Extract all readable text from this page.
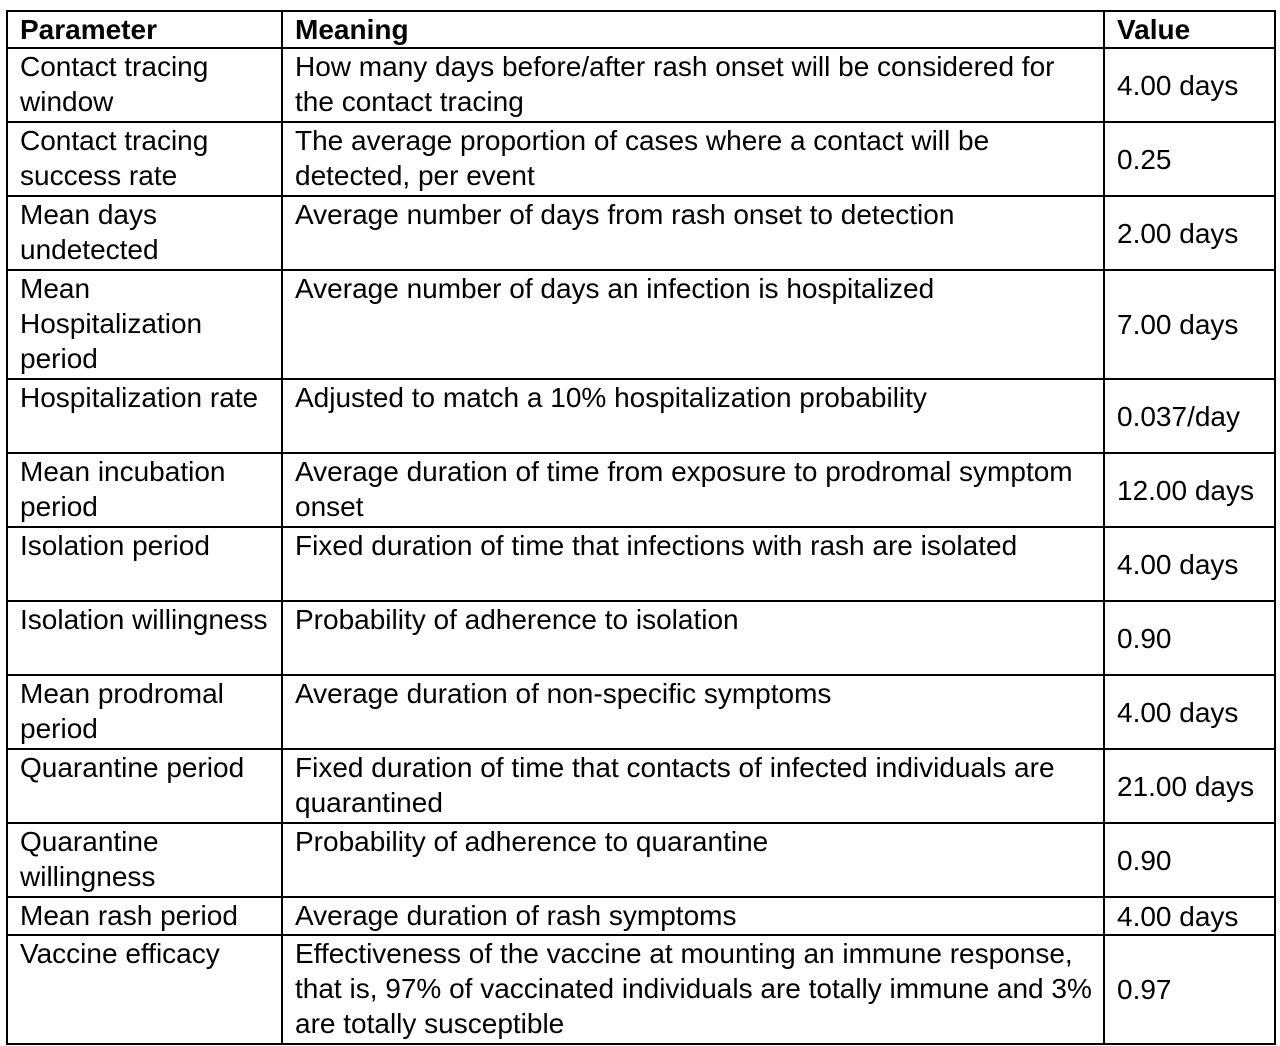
Parameter	Meaning	Value
Contact tracing window	How many days before/after rash onset will be considered for the contact tracing	4.00 days
Contact tracing success rate	The average proportion of cases where a contact will be detected, per event	0.25
Mean days undetected	Average number of days from rash onset to detection	2.00 days
Mean Hospitalization period	Average number of days an infection is hospitalized	7.00 days
Hospitalization rate	Adjusted to match a 10% hospitalization probability	0.037/day
Mean incubation period	Average duration of time from exposure to prodromal symptom onset	12.00 days
Isolation period	Fixed duration of time that infections with rash are isolated	4.00 days
Isolation willingness	Probability of adherence to isolation	0.90
Mean prodromal period	Average duration of non-specific symptoms	4.00 days
Quarantine period	Fixed duration of time that contacts of infected individuals are quarantined	21.00 days
Quarantine willingness	Probability of adherence to quarantine	0.90
Mean rash period	Average duration of rash symptoms	4.00 days
Vaccine efficacy	Effectiveness of the vaccine at mounting an immune response, that is, 97% of vaccinated individuals are totally immune and 3% are totally susceptible	0.97
